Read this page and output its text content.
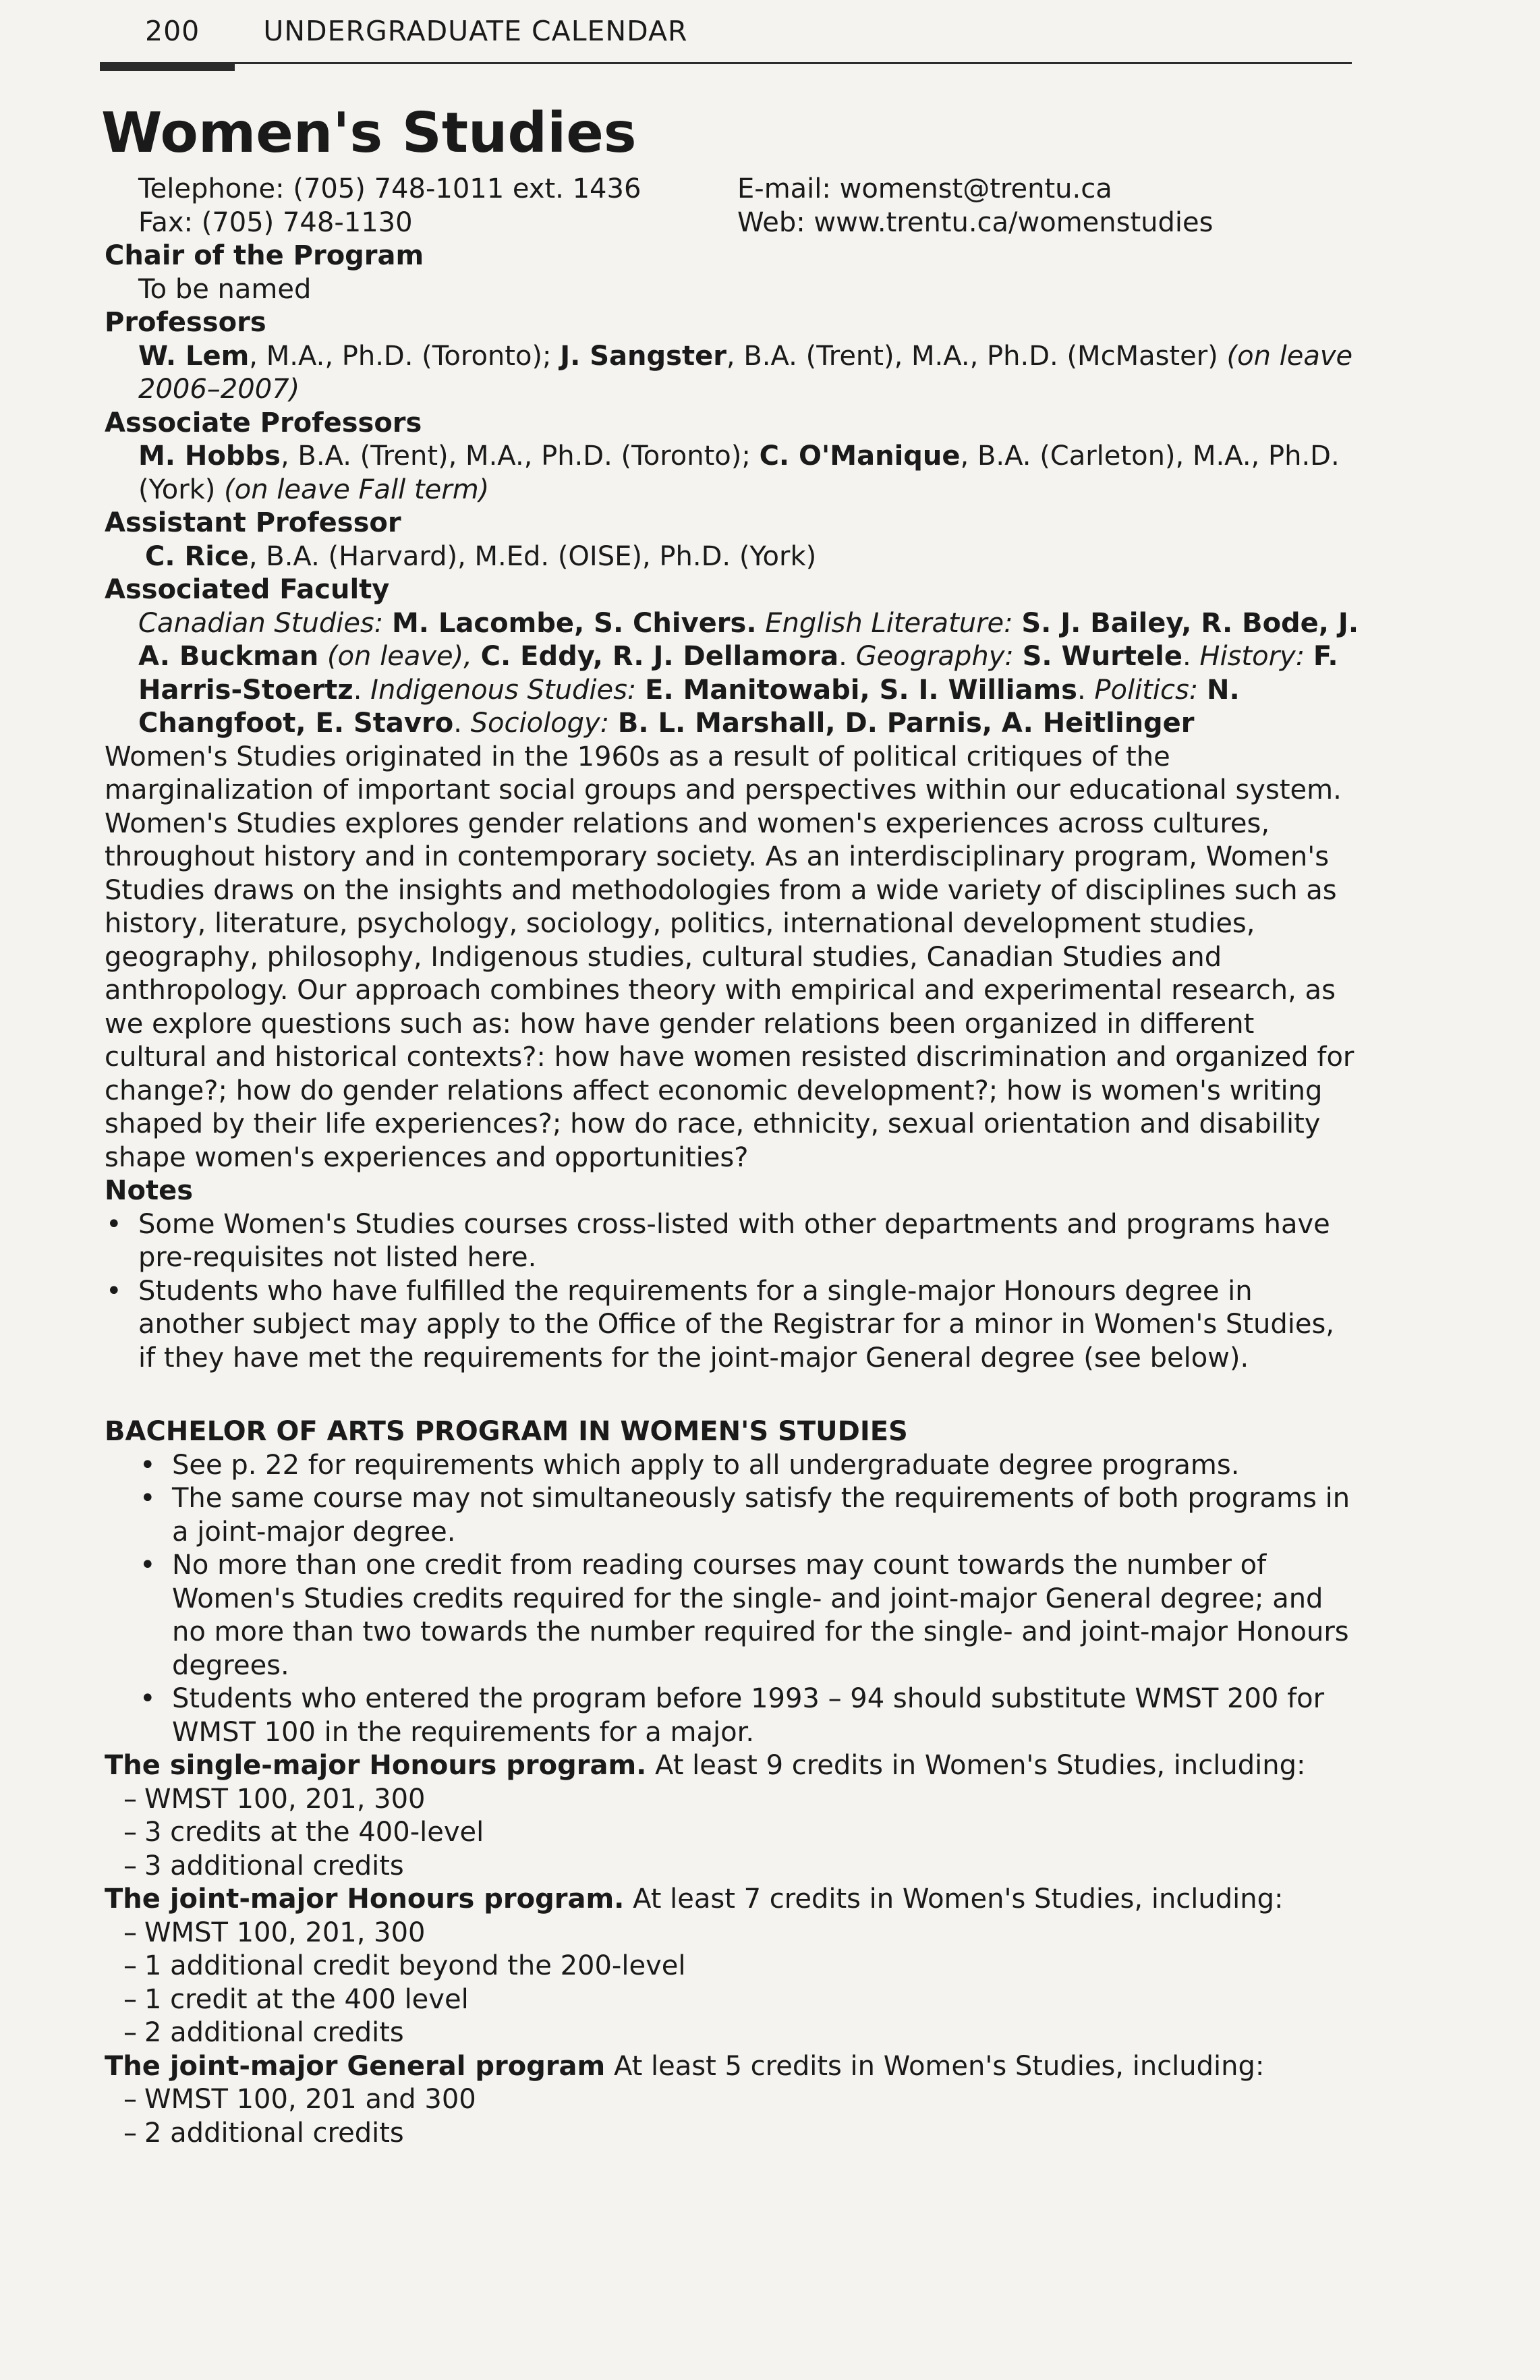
200 UNDERGRADUATE CALENDAR
Women's Studies
Telephone: (705) 748-1011 ext. 1436
Fax: (705) 748-1130
E-mail: womenst@trentu.ca
Web: www.trentu.ca/womenstudies
Chair of the Program
To be named
Professors
W. Lem, M.A., Ph.D. (Toronto); J. Sangster, B.A. (Trent), M.A., Ph.D. (McMaster) (on leave 2006–2007)
Associate Professors
M. Hobbs, B.A. (Trent), M.A., Ph.D. (Toronto); C. O'Manique, B.A. (Carleton), M.A., Ph.D. (York) (on leave Fall term)
Assistant Professor
C. Rice, B.A. (Harvard), M.Ed. (OISE), Ph.D. (York)
Associated Faculty
Canadian Studies: M. Lacombe, S. Chivers. English Literature: S. J. Bailey, R. Bode, J. A. Buckman (on leave), C. Eddy, R. J. Dellamora. Geography: S. Wurtele. History: F. Harris-Stoertz. Indigenous Studies: E. Manitowabi, S. I. Williams. Politics: N. Changfoot, E. Stavro. Sociology: B. L. Marshall, D. Parnis, A. Heitlinger
Women's Studies originated in the 1960s as a result of political critiques of the marginalization of important social groups and perspectives within our educational system. Women's Studies explores gender relations and women's experiences across cultures, throughout history and in contemporary society. As an interdisciplinary program, Women's Studies draws on the insights and methodologies from a wide variety of disciplines such as history, literature, psychology, sociology, politics, international development studies, geography, philosophy, Indigenous studies, cultural studies, Canadian Studies and anthropology. Our approach combines theory with empirical and experimental research, as we explore questions such as: how have gender relations been organized in different cultural and historical contexts?: how have women resisted discrimination and organized for change?; how do gender relations affect economic development?; how is women's writing shaped by their life experiences?; how do race, ethnicity, sexual orientation and disability shape women's experiences and opportunities?
Notes
• Some Women's Studies courses cross-listed with other departments and programs have pre-requisites not listed here.
• Students who have fulfilled the requirements for a single-major Honours degree in another subject may apply to the Office of the Registrar for a minor in Women's Studies, if they have met the requirements for the joint-major General degree (see below).
BACHELOR OF ARTS PROGRAM IN WOMEN'S STUDIES
• See p. 22 for requirements which apply to all undergraduate degree programs.
• The same course may not simultaneously satisfy the requirements of both programs in a joint-major degree.
• No more than one credit from reading courses may count towards the number of Women's Studies credits required for the single- and joint-major General degree; and no more than two towards the number required for the single- and joint-major Honours degrees.
• Students who entered the program before 1993 – 94 should substitute WMST 200 for WMST 100 in the requirements for a major.
The single-major Honours program. At least 9 credits in Women's Studies, including:
– WMST 100, 201, 300
– 3 credits at the 400-level
– 3 additional credits
The joint-major Honours program. At least 7 credits in Women's Studies, including:
– WMST 100, 201, 300
– 1 additional credit beyond the 200-level
– 1 credit at the 400 level
– 2 additional credits
The joint-major General program At least 5 credits in Women's Studies, including:
– WMST 100, 201 and 300
– 2 additional credits
